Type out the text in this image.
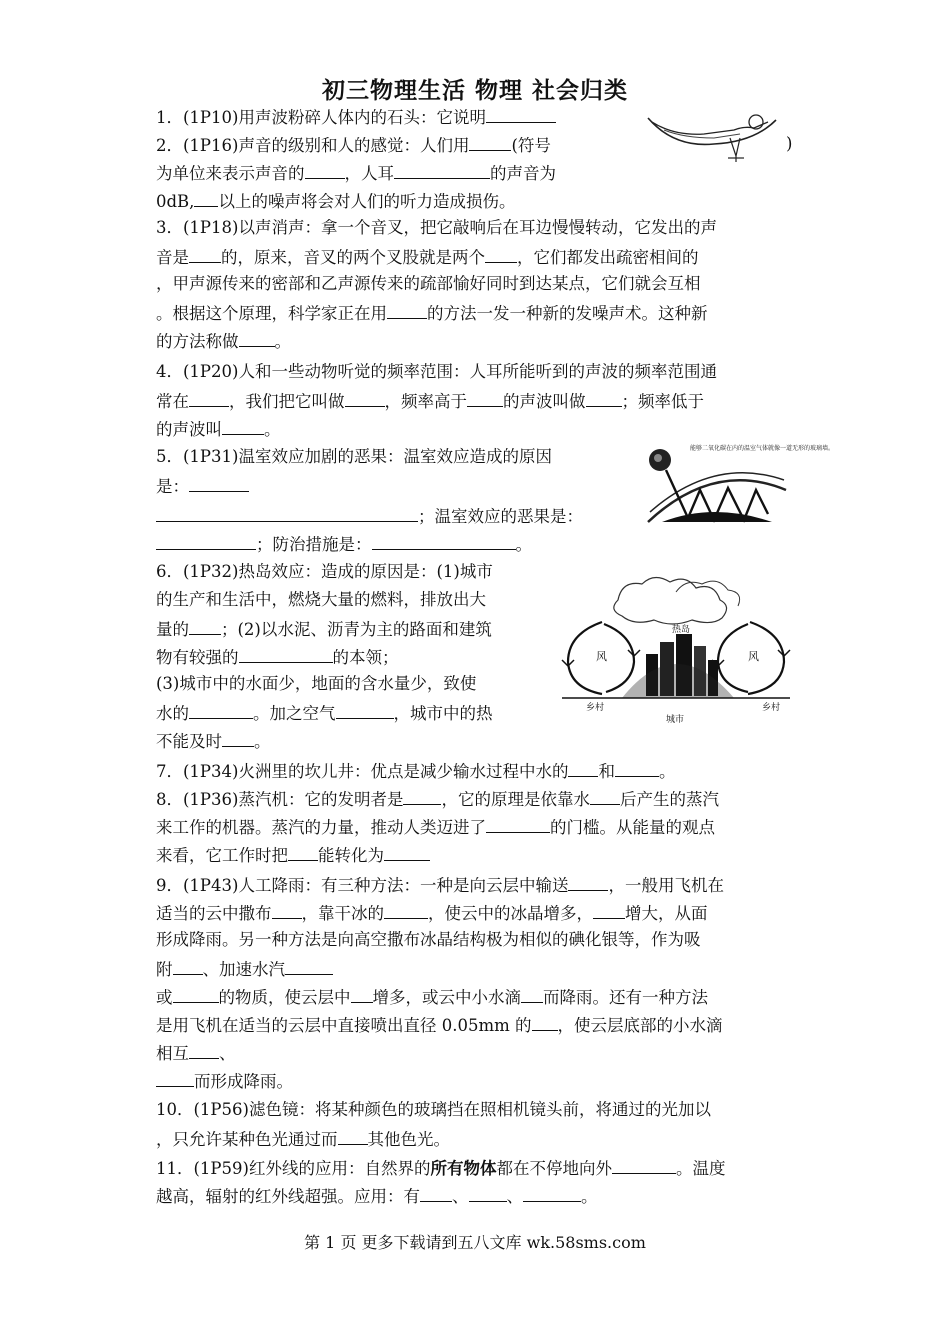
初三物理生活 物理 社会归类
1．(1P10)用声波粉碎人体内的石头：它说明
2．(1P16)声音的级别和人的感觉：人们用	(符号	)
为单位来表示声音的 ，人耳	的声音为
0dB, 以上的噪声将会对人们的听力造成损伤。
3．(1P18)以声消声：拿一个音叉，把它敲响后在耳边慢慢转动，它发出的声
音是 的，原来，音叉的两个叉股就是两个 ，它们都发出疏密相间的
，甲声源传来的密部和乙声源传来的疏部愉好同时到达某点，它们就会互相
。根据这个原理，科学家正在用 的方法一发一种新的发噪声术。这种新
的方法称做 。
4．(1P20)人和一些动物听觉的频率范围：人耳所能听到的声波的频率范围通
常在 ，我们把它叫做 ，频率高于 的声波叫做 ；频率低于
的声波叫	。
5．(1P31)温室效应加剧的恶果：温室效应造成的原因
是：
；温室效应的恶果是：
；防治措施是：	。
6．(1P32)热岛效应：造成的原因是：(1)城市
的生产和生活中，燃烧大量的燃料，排放出大
量的 ；(2)以水泥、沥青为主的路面和建筑
物有较强的	的本领；
(3)城市中的水面少，地面的含水量少，致使
水的	。加之空气	，城市中的热
不能及时 。
7．(1P34)火洲里的坎儿井：优点是减少输水过程中水的 和	。
8．(1P36)蒸汽机：它的发明者是 ，它的原理是依靠水 后产生的蒸汽
来工作的机器。蒸汽的力量，推动人类迈进了	的门槛。从能量的观点
来看，它工作时把 能转化为
9．(1P43)人工降雨：有三种方法：一种是向云层中输送 ，一般用飞机在
适当的云中撒布 ，靠干冰的	，使云中的冰晶增多， 增大，从面
形成降雨。另一种方法是向高空撒布冰晶结构极为相似的碘化银等，作为吸
附 、加速水汽
或	的物质，使云层中 增多，或云中小水滴 而降雨。还有一种方法
是用飞机在适当的云层中直接喷出直径 0.05mm 的 ，使云层底部的小水滴
相互 、
而形成降雨。
10．(1P56)滤色镜：将某种颜色的玻璃挡在照相机镜头前，将通过的光加以
，只允许某种色光通过而 其他色光。
11．(1P59)红外线的应用：自然界的所有物体都在不停地向外	。温度
越高，辐射的红外线超强。应用：有 、 、	。
能够二氧化碳在内的温室气体就像一道无形的玻璃墙。
热岛
风	风
乡村	乡村
城市
第 1 页 更多下载请到五八文库 wk.58sms.com
